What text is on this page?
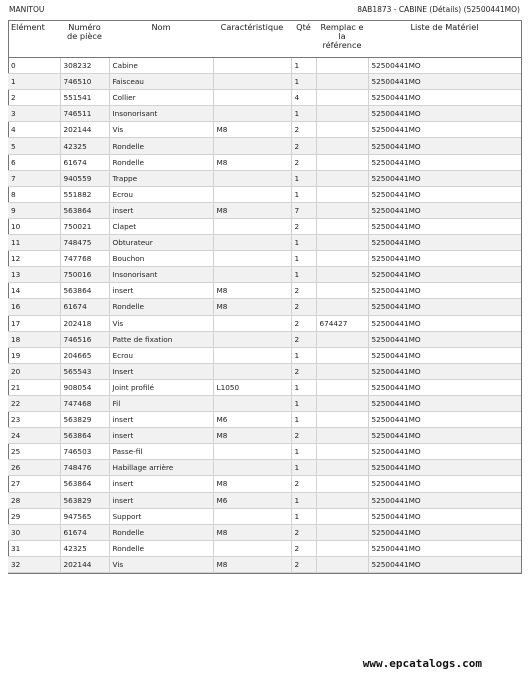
MANITOU	8AB1873 - CABINE (Détails) (52500441MO)
Elément	Numéro de pièce	Nom	Caractéristique	Qté	Remplac e la référence	Liste de Matériel
0	308232	Cabine		1		52500441MO
1	746510	Faisceau		1		52500441MO
2	551541	Collier		4		52500441MO
3	746511	Insonorisant		1		52500441MO
4	202144	Vis	M8	2		52500441MO
5	42325	Rondelle		2		52500441MO
6	61674	Rondelle	M8	2		52500441MO
7	940559	Trappe		1		52500441MO
8	551882	Ecrou		1		52500441MO
9	563864	insert	M8	7		52500441MO
10	750021	Clapet		2		52500441MO
11	748475	Obturateur		1		52500441MO
12	747768	Bouchon		1		52500441MO
13	750016	Insonorisant		1		52500441MO
14	563864	insert	M8	2		52500441MO
16	61674	Rondelle	M8	2		52500441MO
17	202418	Vis		2	674427	52500441MO
18	746516	Patte de fixation		2		52500441MO
19	204665	Ecrou		1		52500441MO
20	565543	Insert		2		52500441MO
21	908054	Joint profilé	L1050	1		52500441MO
22	747468	Fil		1		52500441MO
23	563829	insert	M6	1		52500441MO
24	563864	insert	M8	2		52500441MO
25	746503	Passe-fil		1		52500441MO
26	748476	Habillage arrière		1		52500441MO
27	563864	insert	M8	2		52500441MO
28	563829	insert	M6	1		52500441MO
29	947565	Support		1		52500441MO
30	61674	Rondelle	M8	2		52500441MO
31	42325	Rondelle		2		52500441MO
32	202144	Vis	M8	2		52500441MO
www.epcatalogs.com
